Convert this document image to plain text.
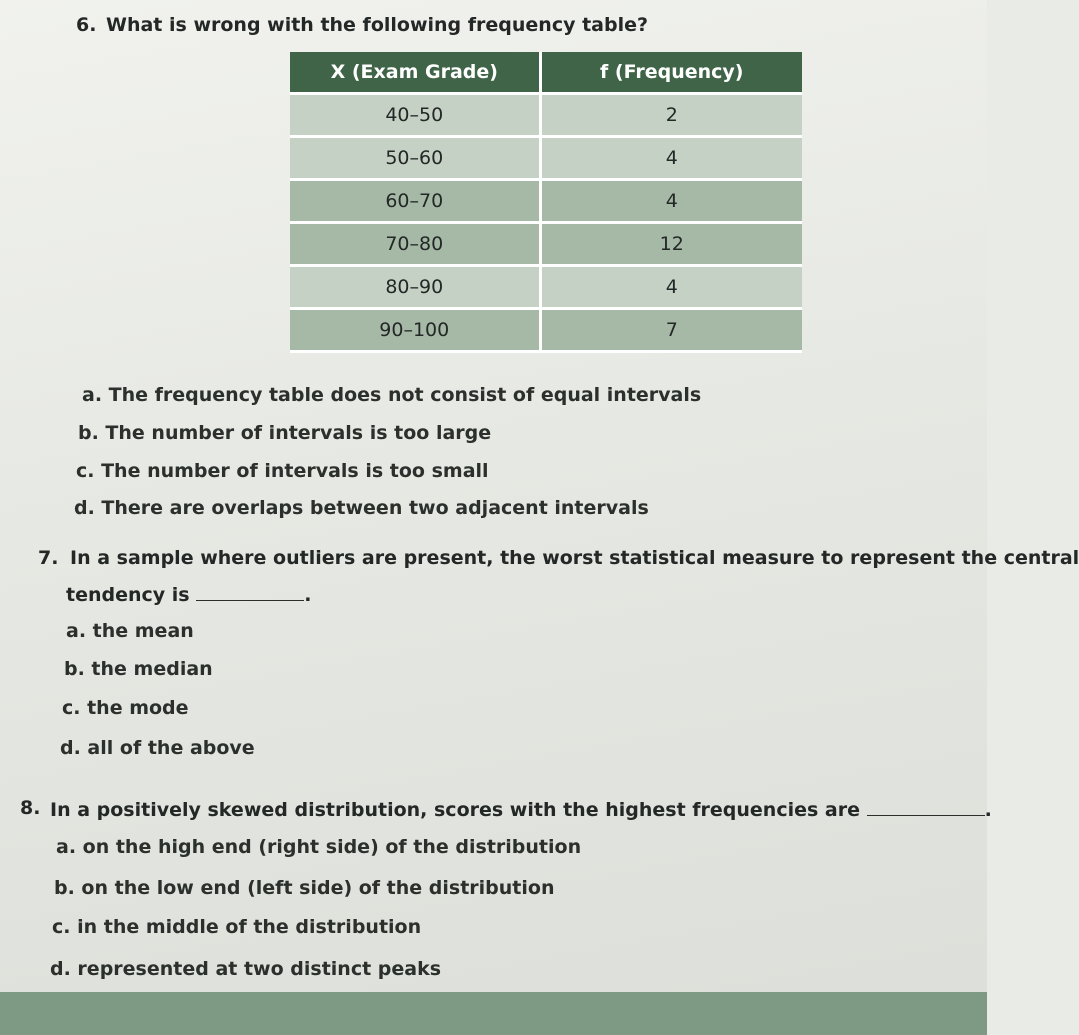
6. What is wrong with the following frequency table?
X (Exam Grade)	f (Frequency)
40–50	2
50–60	4
60–70	4
70–80	12
80–90	4
90–100	7
a. The frequency table does not consist of equal intervals
b. The number of intervals is too large
c. The number of intervals is too small
d. There are overlaps between two adjacent intervals
7. In a sample where outliers are present, the worst statistical measure to represent the central
tendency is	.
a. the mean
b. the median
c. the mode
d. all of the above
8. In a positively skewed distribution, scores with the highest frequencies are	.
a. on the high end (right side) of the distribution
b. on the low end (left side) of the distribution
c. in the middle of the distribution
d. represented at two distinct peaks
